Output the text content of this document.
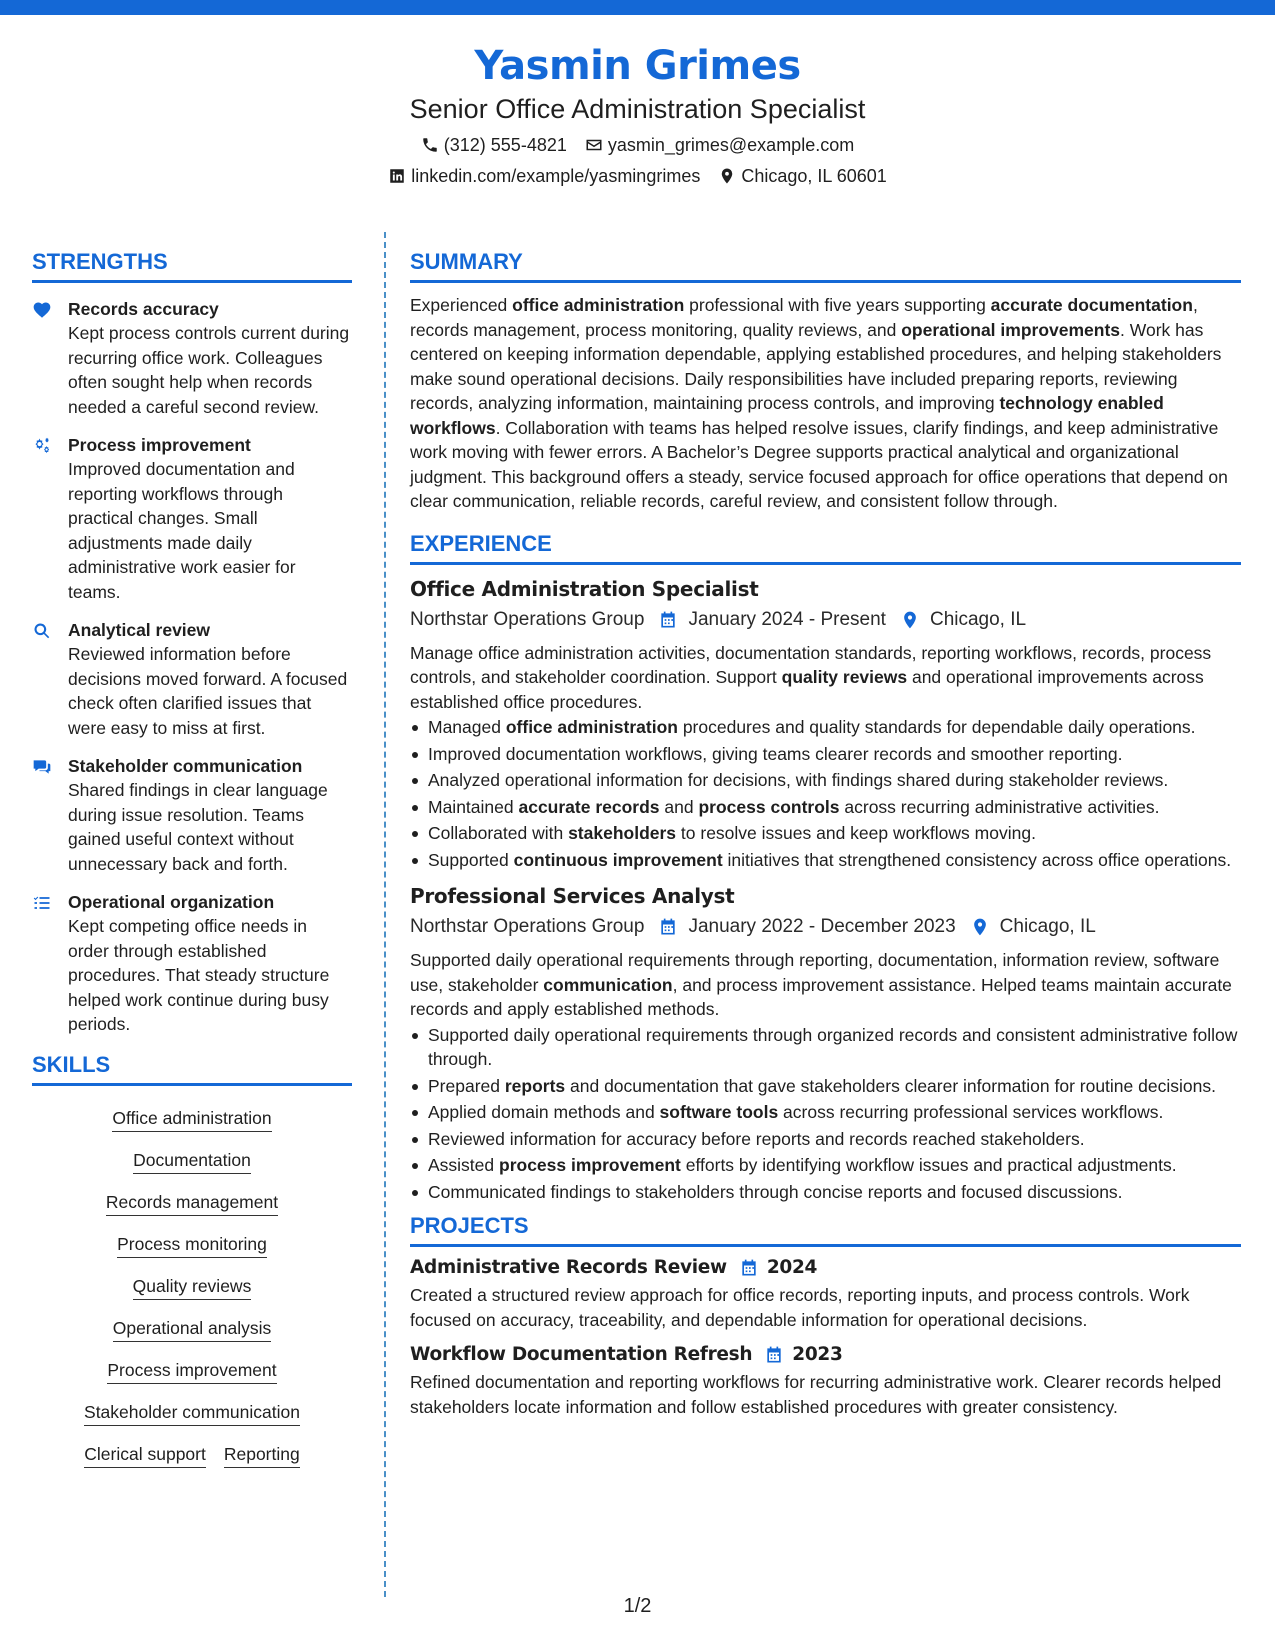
Yasmin Grimes
Senior Office Administration Specialist
(312) 555-4821 yasmin_grimes@example.com
linkedin.com/example/yasmingrimes Chicago, IL 60601
STRENGTHS
Records accuracy
Kept process controls current during recurring office work. Colleagues often sought help when records needed a careful second review.
Process improvement
Improved documentation and reporting workflows through practical changes. Small adjustments made daily administrative work easier for teams.
Analytical review
Reviewed information before decisions moved forward. A focused check often clarified issues that were easy to miss at first.
Stakeholder communication
Shared findings in clear language during issue resolution. Teams gained useful context without unnecessary back and forth.
Operational organization
Kept competing office needs in order through established procedures. That steady structure helped work continue during busy periods.
SKILLS
Office administration
Documentation
Records management
Process monitoring
Quality reviews
Operational analysis
Process improvement
Stakeholder communication
Clerical support Reporting
SUMMARY
Experienced office administration professional with five years supporting accurate documentation, records management, process monitoring, quality reviews, and operational improvements. Work has centered on keeping information dependable, applying established procedures, and helping stakeholders make sound operational decisions. Daily responsibilities have included preparing reports, reviewing records, analyzing information, maintaining process controls, and improving technology enabled workflows. Collaboration with teams has helped resolve issues, clarify findings, and keep administrative work moving with fewer errors. A Bachelor’s Degree supports practical analytical and organizational judgment. This background offers a steady, service focused approach for office operations that depend on clear communication, reliable records, careful review, and consistent follow through.
EXPERIENCE
Office Administration Specialist
Northstar Operations Group January 2024 - Present Chicago, IL
Manage office administration activities, documentation standards, reporting workflows, records, process controls, and stakeholder coordination. Support quality reviews and operational improvements across established office procedures.
Managed office administration procedures and quality standards for dependable daily operations.
Improved documentation workflows, giving teams clearer records and smoother reporting.
Analyzed operational information for decisions, with findings shared during stakeholder reviews.
Maintained accurate records and process controls across recurring administrative activities.
Collaborated with stakeholders to resolve issues and keep workflows moving.
Supported continuous improvement initiatives that strengthened consistency across office operations.
Professional Services Analyst
Northstar Operations Group January 2022 - December 2023 Chicago, IL
Supported daily operational requirements through reporting, documentation, information review, software use, stakeholder communication, and process improvement assistance. Helped teams maintain accurate records and apply established methods.
Supported daily operational requirements through organized records and consistent administrative follow through.
Prepared reports and documentation that gave stakeholders clearer information for routine decisions.
Applied domain methods and software tools across recurring professional services workflows.
Reviewed information for accuracy before reports and records reached stakeholders.
Assisted process improvement efforts by identifying workflow issues and practical adjustments.
Communicated findings to stakeholders through concise reports and focused discussions.
PROJECTS
Administrative Records Review 2024
Created a structured review approach for office records, reporting inputs, and process controls. Work focused on accuracy, traceability, and dependable information for operational decisions.
Workflow Documentation Refresh 2023
Refined documentation and reporting workflows for recurring administrative work. Clearer records helped stakeholders locate information and follow established procedures with greater consistency.
1/2
